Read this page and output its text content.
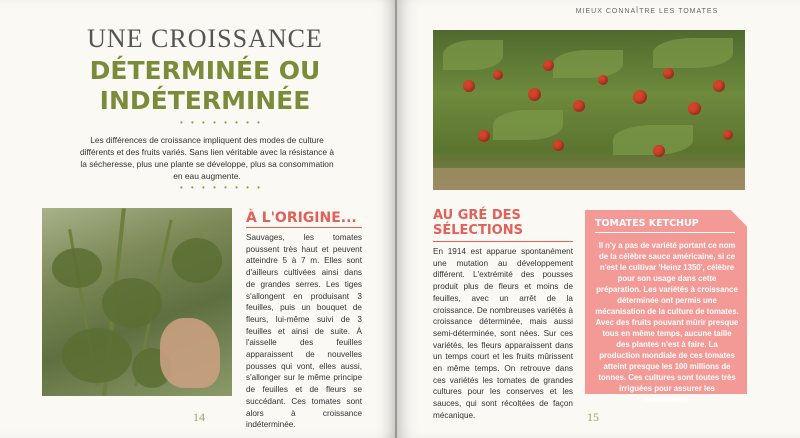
UNE CROISSANCE
DÉTERMINÉE OU
INDÉTERMINÉE
• • • • • • • •
Les différences de croissance impliquent des modes de culture différents et des fruits variés. Sans lien véritable avec la résistance à la sécheresse, plus une plante se développe, plus sa consommation en eau augmente.
• • • • • • • •
À L'ORIGINE...
Sauvages, les tomates poussent très haut et peuvent atteindre 5 à 7 m. Elles sont d'ailleurs cultivées ainsi dans de grandes serres. Les tiges s'allongent en produisant 3 feuilles, puis un bouquet de fleurs, lui-même suivi de 3 feuilles et ainsi de suite. À l'aisselle des feuilles apparaissent de nouvelles pousses qui vont, elles aussi, s'allonger sur le même principe de feuilles et de fleurs se succédant. Ces tomates sont alors à croissance indéterminée.
14
MIEUX CONNAÎTRE LES TOMATES
AU GRÉ DES
SÉLECTIONS
En 1914 est apparue spontanément une mutation au développement différent. L'extrémité des pousses produit plus de fleurs et moins de feuilles, avec un arrêt de la croissance. De nombreuses variétés à croissance déterminée, mais aussi semi-déterminée, sont nées. Sur ces variétés, les fleurs apparaissent dans un temps court et les fruits mûrissent en même temps. On retrouve dans ces variétés les tomates de grandes cultures pour les conserves et les sauces, qui sont récoltées de façon mécanique.
TOMATES KETCHUP
Il n'y a pas de variété portant ce nom de la célèbre sauce américaine, si ce n'est le cultivar 'Heinz 1350', célèbre pour son usage dans cette préparation. Les variétés à croissance déterminée ont permis une mécanisation de la culture de tomates. Avec des fruits pouvant mûrir presque tous en même temps, aucune taille des plantes n'est à faire. La production mondiale de ces tomates atteint presque les 100 millions de tonnes. Ces cultures sont toutes très irriguées pour assurer les rendements.
15
